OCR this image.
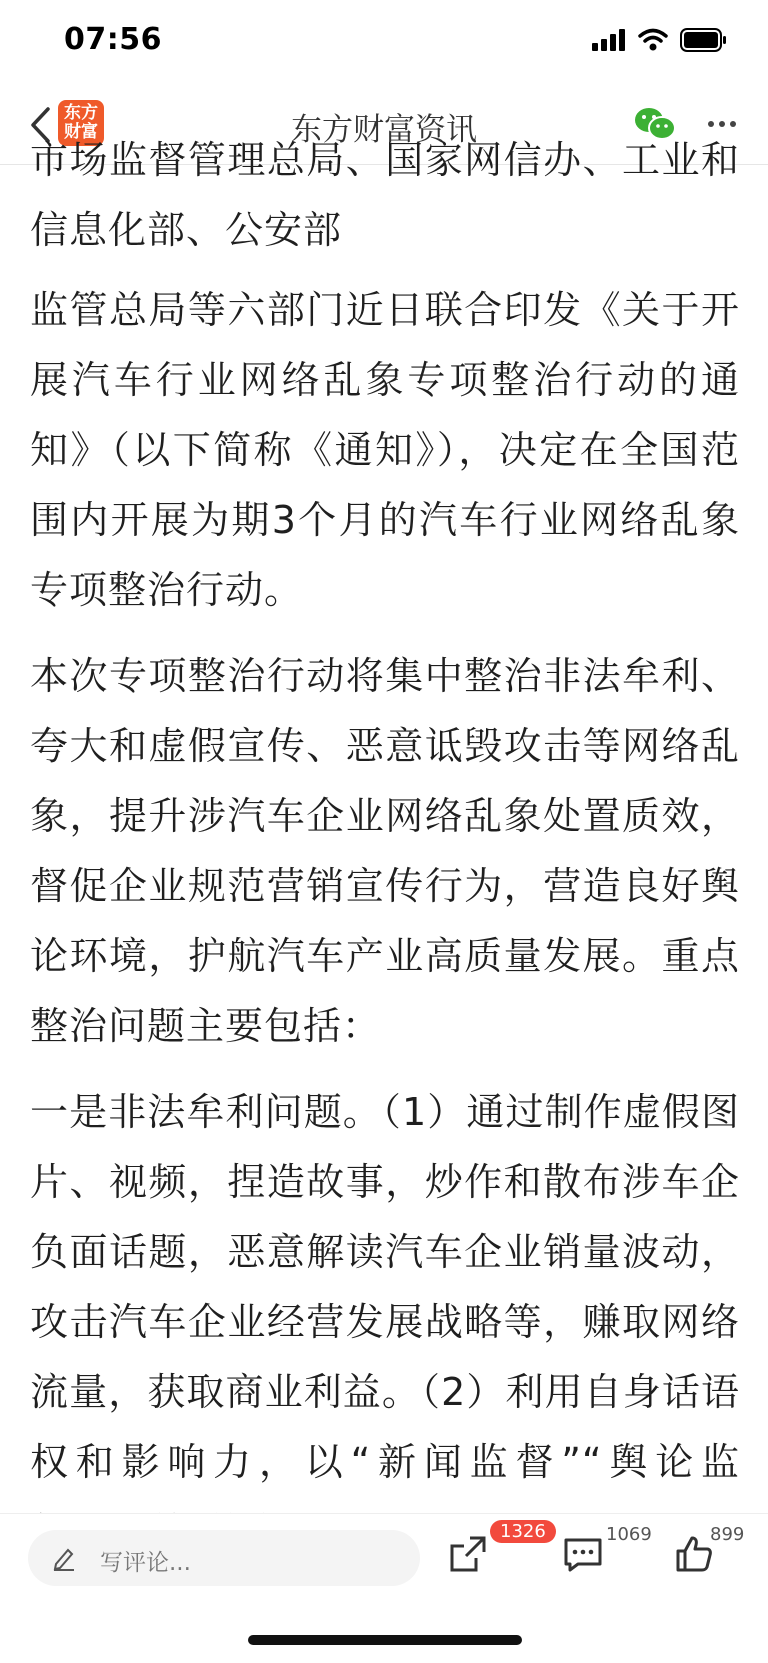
07:56
东方
财富	东方财富资讯

市场监督管理总局、国家网信办、工业和信息化部、公安部

监管总局等六部门近日联合印发《关于开展汽车行业网络乱象专项整治行动的通知》（以下简称《通知》），决定在全国范围内开展为期3个月的汽车行业网络乱象专项整治行动。

本次专项整治行动将集中整治非法牟利、夸大和虚假宣传、恶意诋毁攻击等网络乱象，提升涉汽车企业网络乱象处置质效，督促企业规范营销宣传行为，营造良好舆论环境，护航汽车产业高质量发展。重点整治问题主要包括：

一是非法牟利问题。（1）通过制作虚假图片、视频，捏造故事，炒作和散布涉车企负面话题，恶意解读汽车企业销量波动，攻击汽车企业经营发展战略等，赚取网络流量，获取商业利益。（2）利用自身话语权和影响力，以“新闻监督”“舆论监

写评论...
1326	1069	899
